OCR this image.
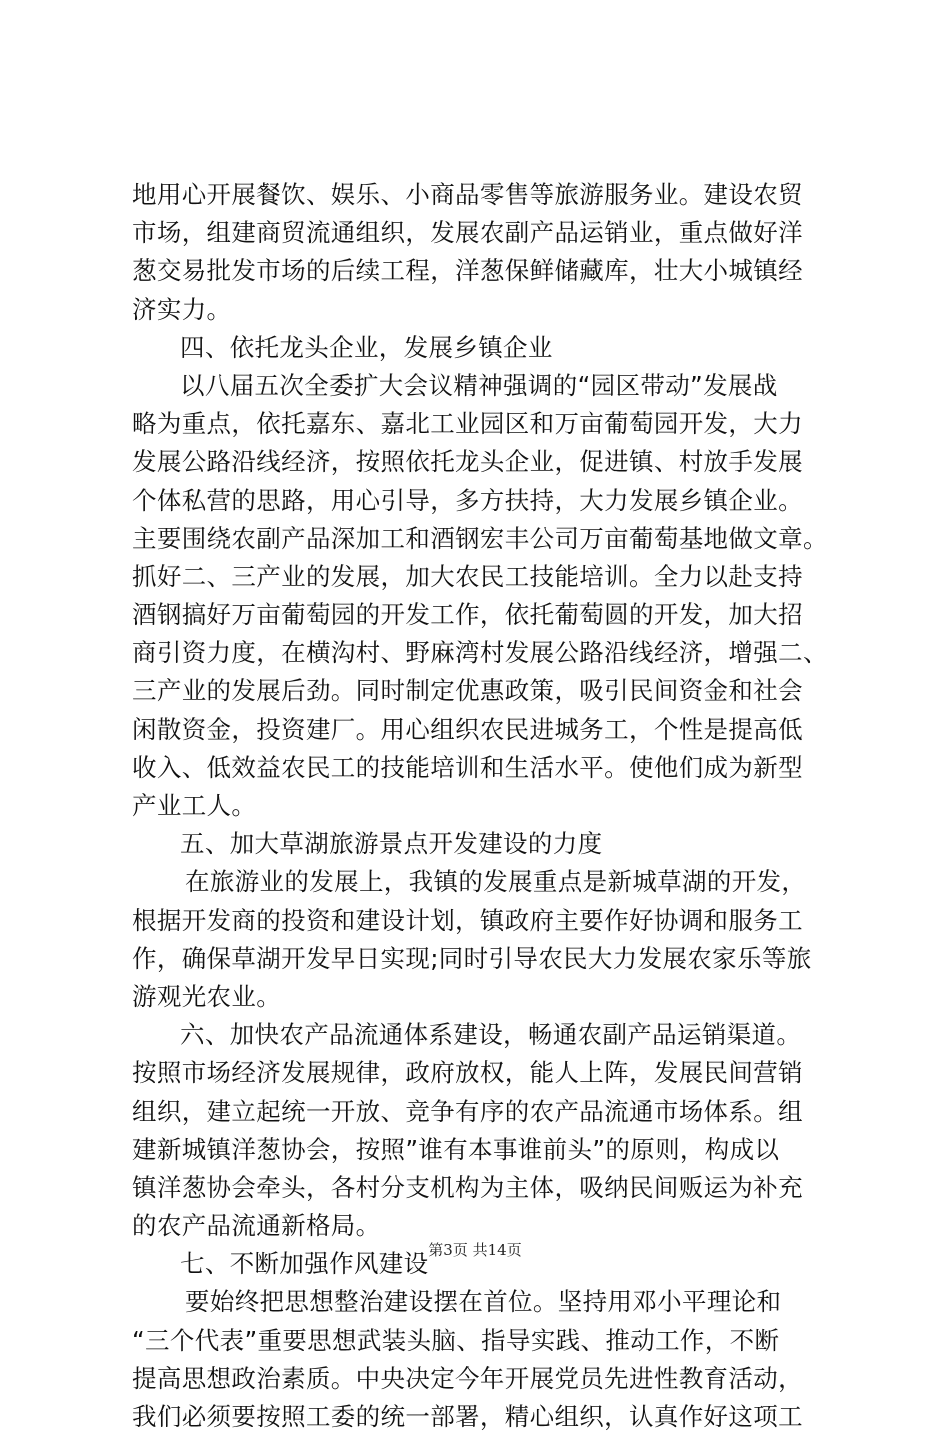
地用心开展餐饮、娱乐、小商品零售等旅游服务业。建设农贸
市场，组建商贸流通组织，发展农副产品运销业，重点做好洋
葱交易批发市场的后续工程，洋葱保鲜储藏库，壮大小城镇经
济实力。
四、依托龙头企业，发展乡镇企业
以八届五次全委扩大会议精神强调的“园区带动”发展战
略为重点，依托嘉东、嘉北工业园区和万亩葡萄园开发，大力
发展公路沿线经济，按照依托龙头企业，促进镇、村放手发展
个体私营的思路，用心引导，多方扶持，大力发展乡镇企业。
主要围绕农副产品深加工和酒钢宏丰公司万亩葡萄基地做文章。
抓好二、三产业的发展，加大农民工技能培训。全力以赴支持
酒钢搞好万亩葡萄园的开发工作，依托葡萄圆的开发，加大招
商引资力度，在横沟村、野麻湾村发展公路沿线经济，增强二、
三产业的发展后劲。同时制定优惠政策，吸引民间资金和社会
闲散资金，投资建厂。用心组织农民进城务工，个性是提高低
收入、低效益农民工的技能培训和生活水平。使他们成为新型
产业工人。
五、加大草湖旅游景点开发建设的力度
在旅游业的发展上，我镇的发展重点是新城草湖的开发，
根据开发商的投资和建设计划，镇政府主要作好协调和服务工
作，确保草湖开发早日实现;同时引导农民大力发展农家乐等旅
游观光农业。
六、加快农产品流通体系建设，畅通农副产品运销渠道。
按照市场经济发展规律，政府放权，能人上阵，发展民间营销
组织，建立起统一开放、竞争有序的农产品流通市场体系。组
建新城镇洋葱协会，按照”谁有本事谁前头”的原则，构成以
镇洋葱协会牵头，各村分支机构为主体，吸纳民间贩运为补充
的农产品流通新格局。
七、不断加强作风建设
要始终把思想整治建设摆在首位。坚持用邓小平理论和
“三个代表”重要思想武装头脑、指导实践、推动工作，不断
提高思想政治素质。中央决定今年开展党员先进性教育活动，
我们必须要按照工委的统一部署，精心组织，认真作好这项工
第3页 共14页
